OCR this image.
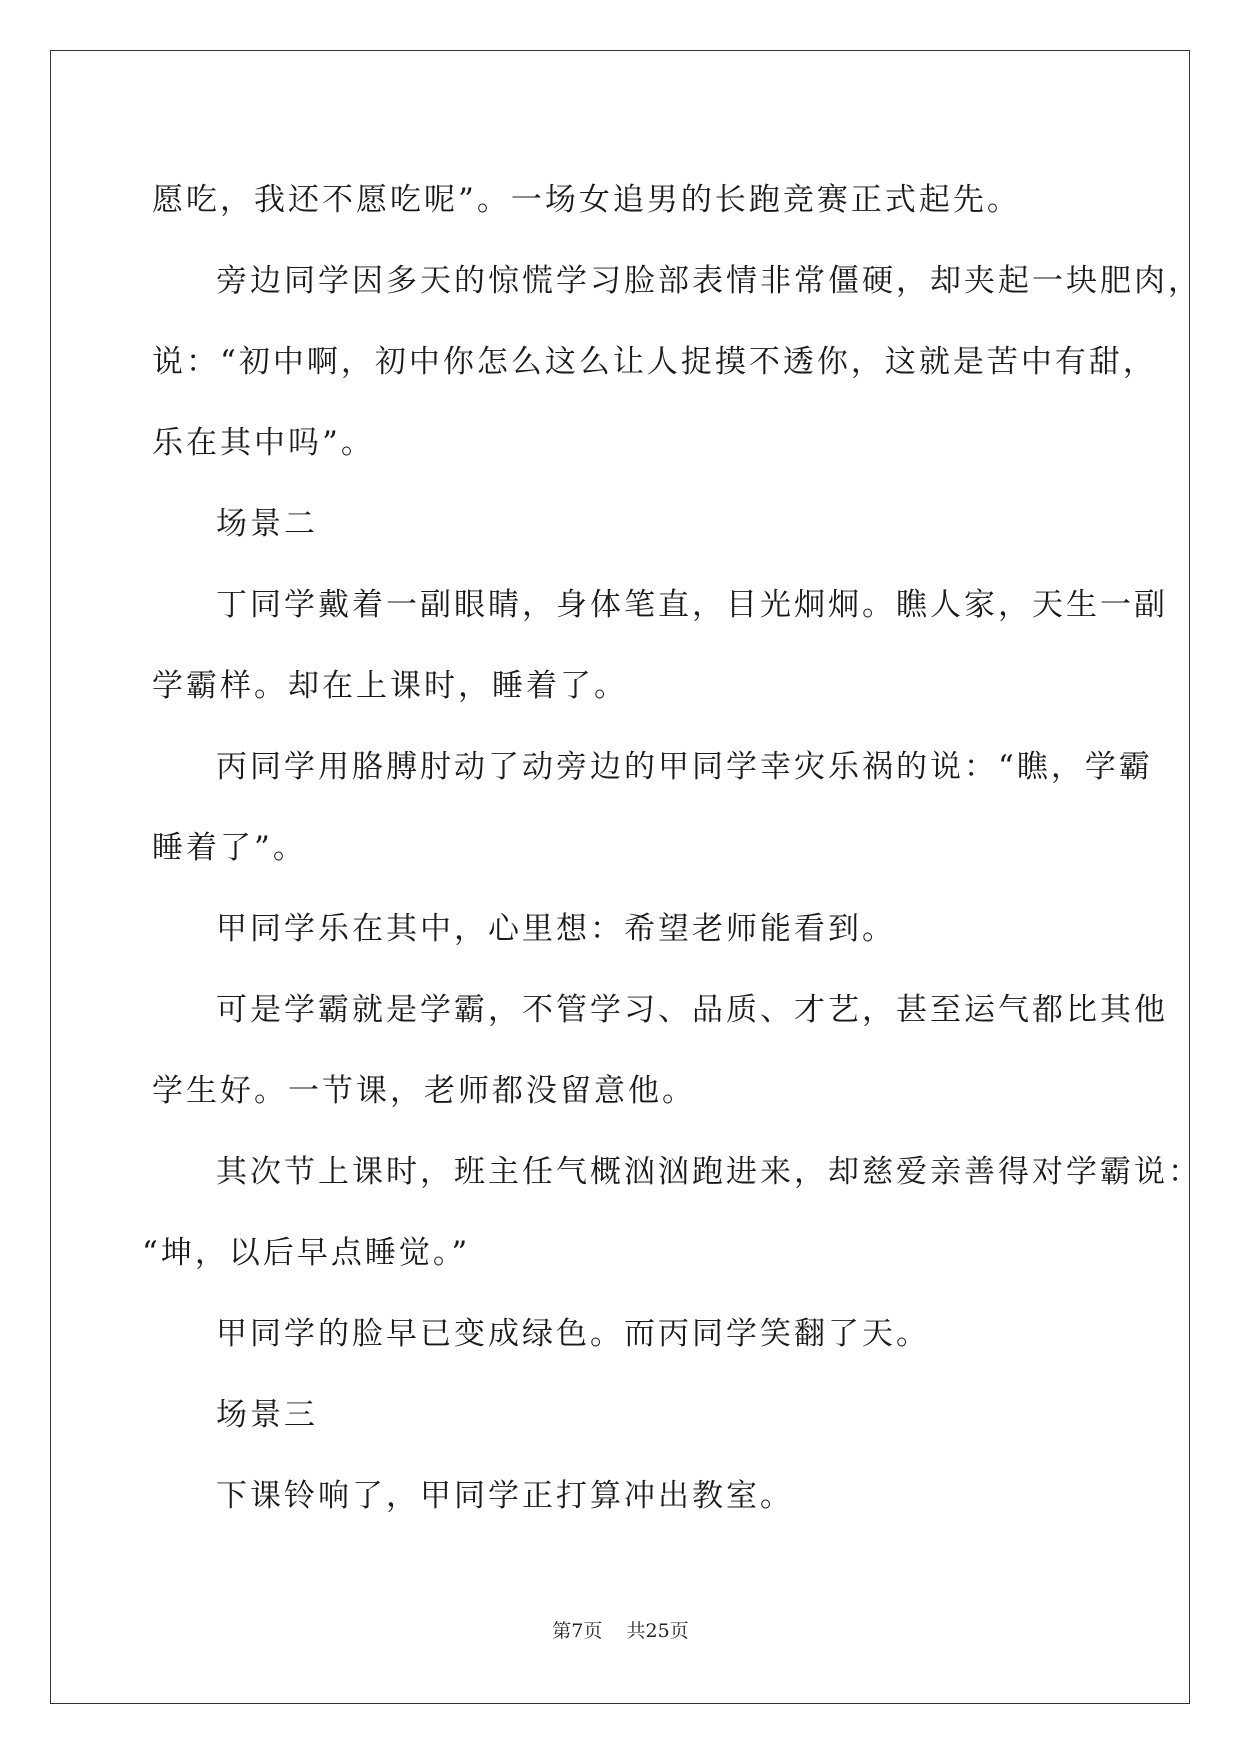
愿吃，我还不愿吃呢”。一场女追男的长跑竞赛正式起先。

旁边同学因多天的惊慌学习脸部表情非常僵硬，却夹起一块肥肉，

说：“初中啊，初中你怎么这么让人捉摸不透你，这就是苦中有甜，

乐在其中吗”。

场景二

丁同学戴着一副眼睛，身体笔直，目光炯炯。瞧人家，天生一副

学霸样。却在上课时，睡着了。

丙同学用胳膊肘动了动旁边的甲同学幸灾乐祸的说：“瞧，学霸

睡着了”。

甲同学乐在其中，心里想：希望老师能看到。

可是学霸就是学霸，不管学习、品质、才艺，甚至运气都比其他

学生好。一节课，老师都没留意他。

其次节上课时，班主任气概汹汹跑进来，却慈爱亲善得对学霸说：

“坤，以后早点睡觉。”

甲同学的脸早已变成绿色。而丙同学笑翻了天。

场景三

下课铃响了，甲同学正打算冲出教室。

第7页 共25页
